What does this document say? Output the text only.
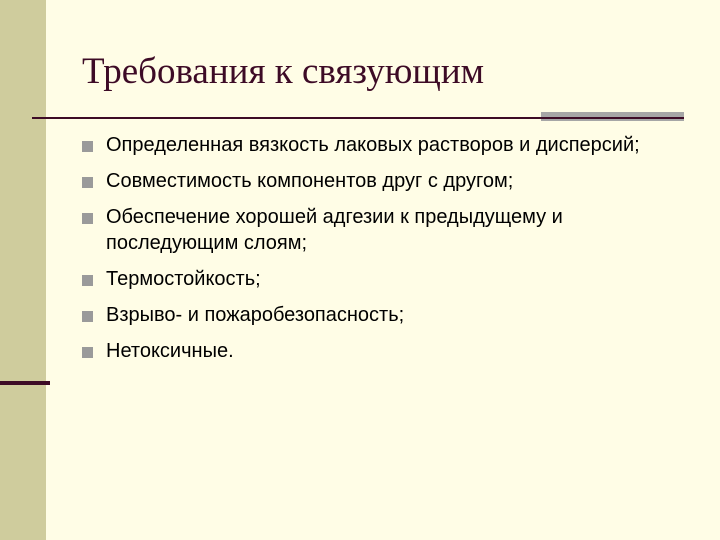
Требования к связующим
Определенная вязкость лаковых растворов и дисперсий;
Совместимость компонентов друг с другом;
Обеспечение хорошей адгезии к предыдущему и последующим слоям;
Термостойкость;
Взрыво- и пожаробезопасность;
Нетоксичные.
